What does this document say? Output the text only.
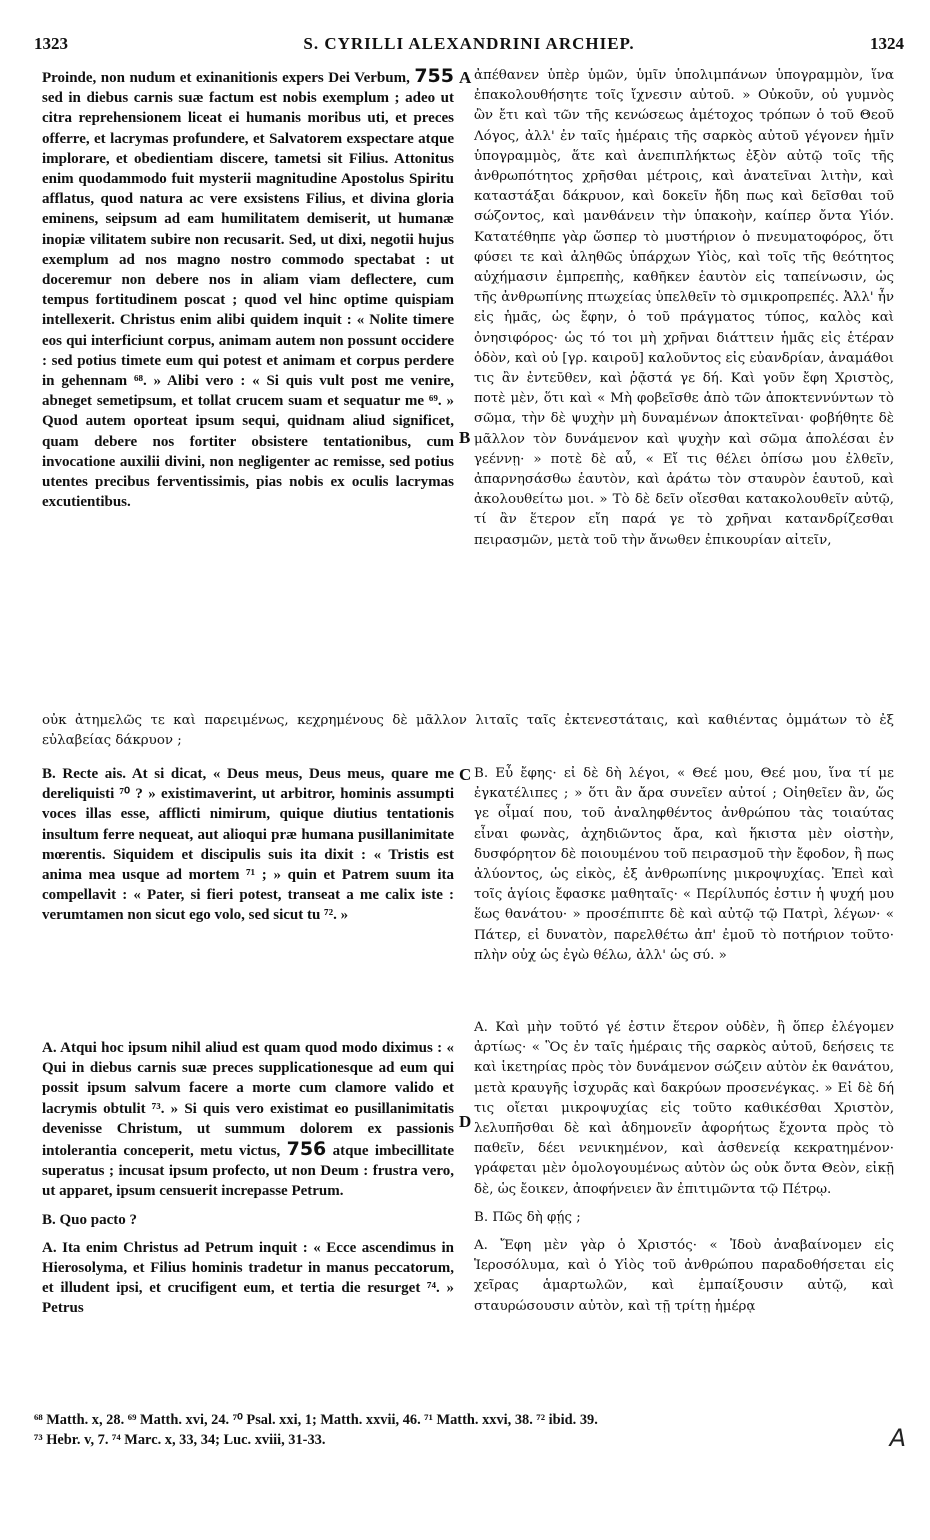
1323	S. CYRILLI ALEXANDRINI ARCHIEP.	1324
A
B
C
D

Proinde, non nudum et exinanitionis expers Dei Verbum, 755 sed in diebus carnis suæ factum est nobis exemplum ; adeo ut citra reprehensionem liceat ei humanis moribus uti, et preces offerre, et lacrymas profundere, et Salvatorem exspectare atque implorare, et obedientiam discere, tametsi sit Filius. Attonitus enim quodammodo fuit mysterii magnitudine Apostolus Spiritu afflatus, quod natura ac vere exsistens Filius, et divina gloria eminens, seipsum ad eam humilitatem demiserit, ut humanæ inopiæ vilitatem subire non recusarit. Sed, ut dixi, negotii hujus exemplum ad nos magno nostro commodo spectabat : ut doceremur non debere nos in aliam viam deflectere, cum tempus fortitudinem poscat ; quod vel hinc optime quispiam intellexerit. Christus enim alibi quidem inquit : « Nolite timere eos qui interficiunt corpus, animam autem non possunt occidere : sed potius timete eum qui potest et animam et corpus perdere in gehennam ⁶⁸. » Alibi vero : « Si quis vult post me venire, abneget semetipsum, et tollat crucem suam et sequatur me ⁶⁹. » Quod autem oporteat ipsum sequi, quidnam aliud significet, quam debere nos fortiter obsistere tentationibus, cum invocatione auxilii divini, non negligenter ac remisse, sed potius utentes precibus ferventissimis, pias nobis ex oculis lacrymas excutientibus.

ἀπέθανεν ὑπὲρ ὑμῶν, ὑμῖν ὑπολιμπάνων ὑπογραμμὸν, ἵνα ἐπακολουθήσητε τοῖς ἴχνεσιν αὐτοῦ. » Οὐκοῦν, οὐ γυμνὸς ὢν ἔτι καὶ τῶν τῆς κενώσεως ἀμέτοχος τρόπων ὁ τοῦ Θεοῦ Λόγος, ἀλλ' ἐν ταῖς ἡμέραις τῆς σαρκὸς αὐτοῦ γέγονεν ἡμῖν ὑπογραμμὸς, ἅτε καὶ ἀνεπιπλήκτως ἐξὸν αὐτῷ τοῖς τῆς ἀνθρωπότητος χρῆσθαι μέτροις, καὶ ἀνατεῖναι λιτὴν, καὶ καταστάξαι δάκρυον, καὶ δοκεῖν ἤδη πως καὶ δεῖσθαι τοῦ σώζοντος, καὶ μανθάνειν τὴν ὑπακοὴν, καίπερ ὄντα Υἱόν. Κατατέθηπε γὰρ ὥσπερ τὸ μυστήριον ὁ πνευματοφόρος, ὅτι φύσει τε καὶ ἀληθῶς ὑπάρχων Υἱὸς, καὶ τοῖς τῆς θεότητος αὐχήμασιν ἐμπρεπὴς, καθῆκεν ἑαυτὸν εἰς ταπείνωσιν, ὡς τῆς ἀνθρωπίνης πτωχείας ὑπελθεῖν τὸ σμικροπρεπές. Ἀλλ' ἦν εἰς ἡμᾶς, ὡς ἔφην, ὁ τοῦ πράγματος τύπος, καλὸς καὶ ὀνησιφόρος· ὡς τό τοι μὴ χρῆναι διάττειν ἡμᾶς εἰς ἑτέραν ὁδὸν, καὶ οὐ [γρ. καιροῦ] καλοῦντος εἰς εὐανδρίαν, ἀναμάθοι τις ἂν ἐντεῦθεν, καὶ ῥᾷστά γε δή. Καὶ γοῦν ἔφη Χριστὸς, ποτὲ μὲν, ὅτι καὶ « Μὴ φοβεῖσθε ἀπὸ τῶν ἀποκτεννύντων τὸ σῶμα, τὴν δὲ ψυχὴν μὴ δυναμένων ἀποκτεῖναι· φοβήθητε δὲ μᾶλλον τὸν δυνάμενον καὶ ψυχὴν καὶ σῶμα ἀπολέσαι ἐν γεέννῃ· » ποτὲ δὲ αὖ, « Εἴ τις θέλει ὀπίσω μου ἐλθεῖν, ἀπαρνησάσθω ἑαυτὸν, καὶ ἀράτω τὸν σταυρὸν ἑαυτοῦ, καὶ ἀκολουθείτω μοι. » Τὸ δὲ δεῖν οἴεσθαι κατακολουθεῖν αὐτῷ, τί ἂν ἕτερον εἴη παρά γε τὸ χρῆναι κατανδρίζεσθαι πειρασμῶν, μετὰ τοῦ τὴν ἄνωθεν ἐπικουρίαν αἰτεῖν,

οὐκ ἀτημελῶς τε καὶ παρειμένως, κεχρημένους δὲ μᾶλλον λιταῖς ταῖς ἐκτενεστάταις, καὶ καθιέντας ὀμμάτων τὸ ἐξ εὐλαβείας δάκρυον ;

B. Recte ais. At si dicat, « Deus meus, Deus meus, quare me dereliquisti ⁷⁰ ? » existimaverint, ut arbitror, hominis assumpti voces illas esse, afflicti nimirum, quique diutius tentationis insultum ferre nequeat, aut alioqui præ humana pusillanimitate mœrentis. Siquidem et discipulis suis ita dixit : « Tristis est anima mea usque ad mortem ⁷¹ ; » quin et Patrem suum ita compellavit : « Pater, si fieri potest, transeat a me calix iste : verumtamen non sicut ego volo, sed sicut tu ⁷². »

Β. Εὖ ἔφης· εἰ δὲ δὴ λέγοι, « Θεέ μου, Θεέ μου, ἵνα τί με ἐγκατέλιπες ; » ὅτι ἂν ἄρα συνεῖεν αὐτοί ; Οἰηθεῖεν ἂν, ὥς γε οἶμαί που, τοῦ ἀναληφθέντος ἀνθρώπου τὰς τοιαύτας εἶναι φωνὰς, ἀχηδιῶντος ἄρα, καὶ ἥκιστα μὲν οἰστὴν, δυσφόρητον δὲ ποιουμένου τοῦ πειρασμοῦ τὴν ἔφοδον, ἢ πως ἀλύοντος, ὡς εἰκὸς, ἐξ ἀνθρωπίνης μικροψυχίας. Ἐπεὶ καὶ τοῖς ἁγίοις ἔφασκε μαθηταῖς· « Περίλυπός ἐστιν ἡ ψυχή μου ἕως θανάτου· » προσέπιπτε δὲ καὶ αὐτῷ τῷ Πατρὶ, λέγων· « Πάτερ, εἰ δυνατὸν, παρελθέτω ἀπ' ἐμοῦ τὸ ποτήριον τοῦτο· πλὴν οὐχ ὡς ἐγὼ θέλω, ἀλλ' ὡς σύ. »

A. Atqui hoc ipsum nihil aliud est quam quod modo diximus : « Qui in diebus carnis suæ preces supplicationesque ad eum qui possit ipsum salvum facere a morte cum clamore valido et lacrymis obtulit ⁷³. » Si quis vero existimat eo pusillanimitatis devenisse Christum, ut summum dolorem ex passionis intolerantia conceperit, metu victus, 756 atque imbecillitate superatus ; incusat ipsum profecto, ut non Deum : frustra vero, ut apparet, ipsum censuerit increpasse Petrum.

B. Quo pacto ?

A. Ita enim Christus ad Petrum inquit : « Ecce ascendimus in Hierosolyma, et Filius hominis tradetur in manus peccatorum, et illudent ipsi, et crucifigent eum, et tertia die resurget ⁷⁴. » Petrus

Α. Καὶ μὴν τοῦτό γέ ἐστιν ἕτερον οὐδὲν, ἢ ὅπερ ἐλέγομεν ἀρτίως· « Ὃς ἐν ταῖς ἡμέραις τῆς σαρκὸς αὐτοῦ, δεήσεις τε καὶ ἱκετηρίας πρὸς τὸν δυνάμενον σώζειν αὐτὸν ἐκ θανάτου, μετὰ κραυγῆς ἰσχυρᾶς καὶ δακρύων προσενέγκας. » Εἰ δὲ δή τις οἴεται μικροψυχίας εἰς τοῦτο καθικέσθαι Χριστὸν, λελυπῆσθαι δὲ καὶ ἀδημονεῖν ἀφορήτως ἔχοντα πρὸς τὸ παθεῖν, δέει νενικημένον, καὶ ἀσθενείᾳ κεκρατημένον· γράφεται μὲν ὁμολογουμένως αὐτὸν ὡς οὐκ ὄντα Θεὸν, εἰκῇ δὲ, ὡς ἔοικεν, ἀποφήνειεν ἂν ἐπιτιμῶντα τῷ Πέτρῳ.

Β. Πῶς δὴ φῄς ;

Α. Ἔφη μὲν γὰρ ὁ Χριστός· « Ἰδοὺ ἀναβαίνομεν εἰς Ἱεροσόλυμα, καὶ ὁ Υἱὸς τοῦ ἀνθρώπου παραδοθήσεται εἰς χεῖρας ἁμαρτωλῶν, καὶ ἐμπαίξουσιν αὐτῷ, καὶ σταυρώσουσιν αὐτὸν, καὶ τῇ τρίτῃ ἡμέρᾳ

⁶⁸ Matth. x, 28. ⁶⁹ Matth. xvi, 24. ⁷⁰ Psal. xxi, 1; Matth. xxvii, 46. ⁷¹ Matth. xxvi, 38. ⁷² ibid. 39.
⁷³ Hebr. v, 7. ⁷⁴ Marc. x, 33, 34; Luc. xviii, 31-33.	A
